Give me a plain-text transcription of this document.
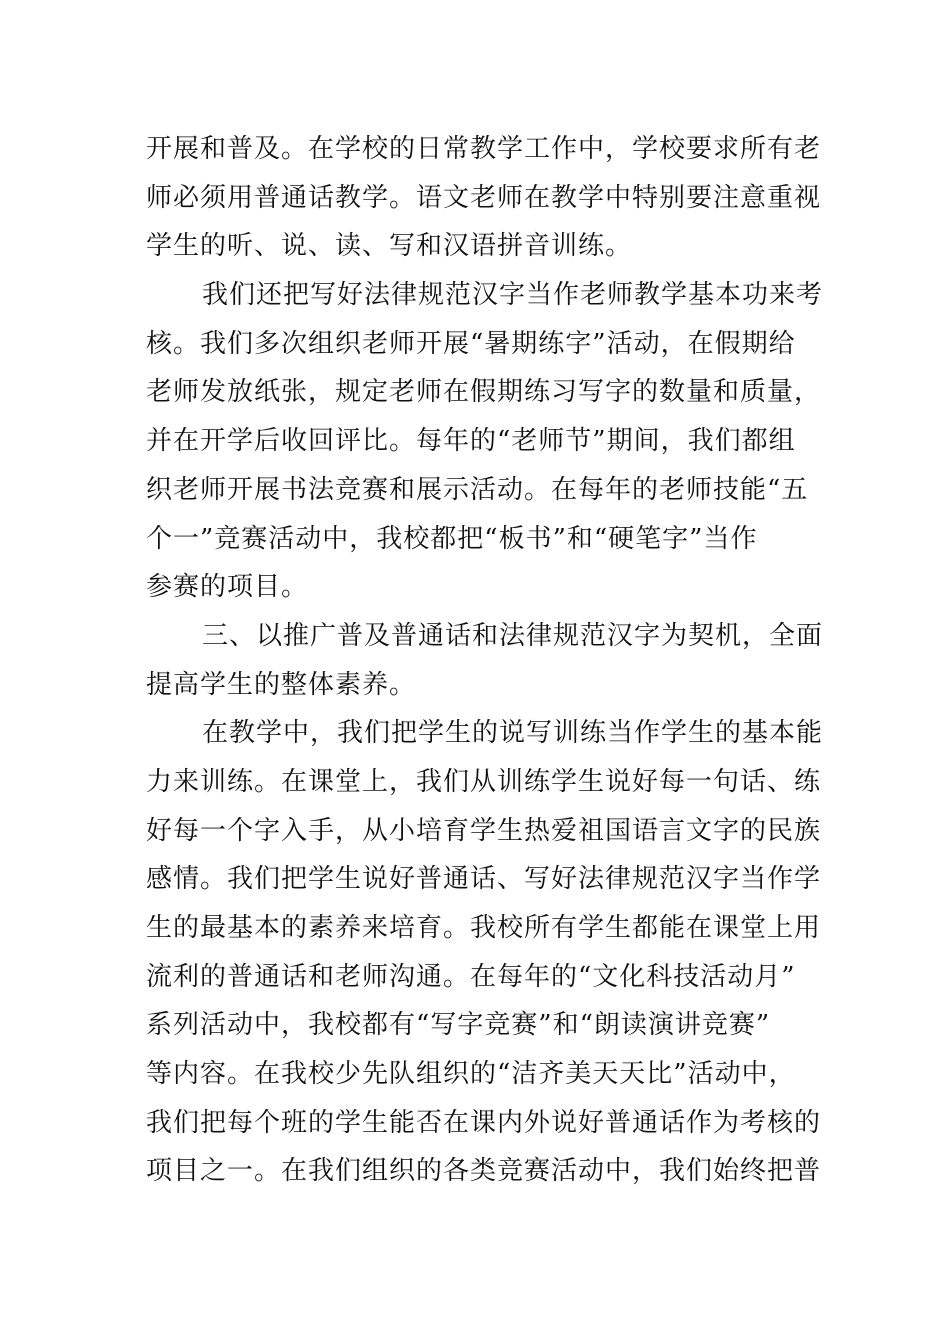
开展和普及。在学校的日常教学工作中，学校要求所有老
师必须用普通话教学。语文老师在教学中特别要注意重视
学生的听、说、读、写和汉语拼音训练。
我们还把写好法律规范汉字当作老师教学基本功来考
核。我们多次组织老师开展“暑期练字”活动，在假期给
老师发放纸张，规定老师在假期练习写字的数量和质量，
并在开学后收回评比。每年的“老师节”期间，我们都组
织老师开展书法竞赛和展示活动。在每年的老师技能“五
个一”竞赛活动中，我校都把“板书”和“硬笔字”当作
参赛的项目。
三、以推广普及普通话和法律规范汉字为契机，全面
提高学生的整体素养。
在教学中，我们把学生的说写训练当作学生的基本能
力来训练。在课堂上，我们从训练学生说好每一句话、练
好每一个字入手，从小培育学生热爱祖国语言文字的民族
感情。我们把学生说好普通话、写好法律规范汉字当作学
生的最基本的素养来培育。我校所有学生都能在课堂上用
流利的普通话和老师沟通。在每年的“文化科技活动月”
系列活动中，我校都有“写字竞赛”和“朗读演讲竞赛”
等内容。在我校少先队组织的“洁齐美天天比”活动中，
我们把每个班的学生能否在课内外说好普通话作为考核的
项目之一。在我们组织的各类竞赛活动中，我们始终把普
